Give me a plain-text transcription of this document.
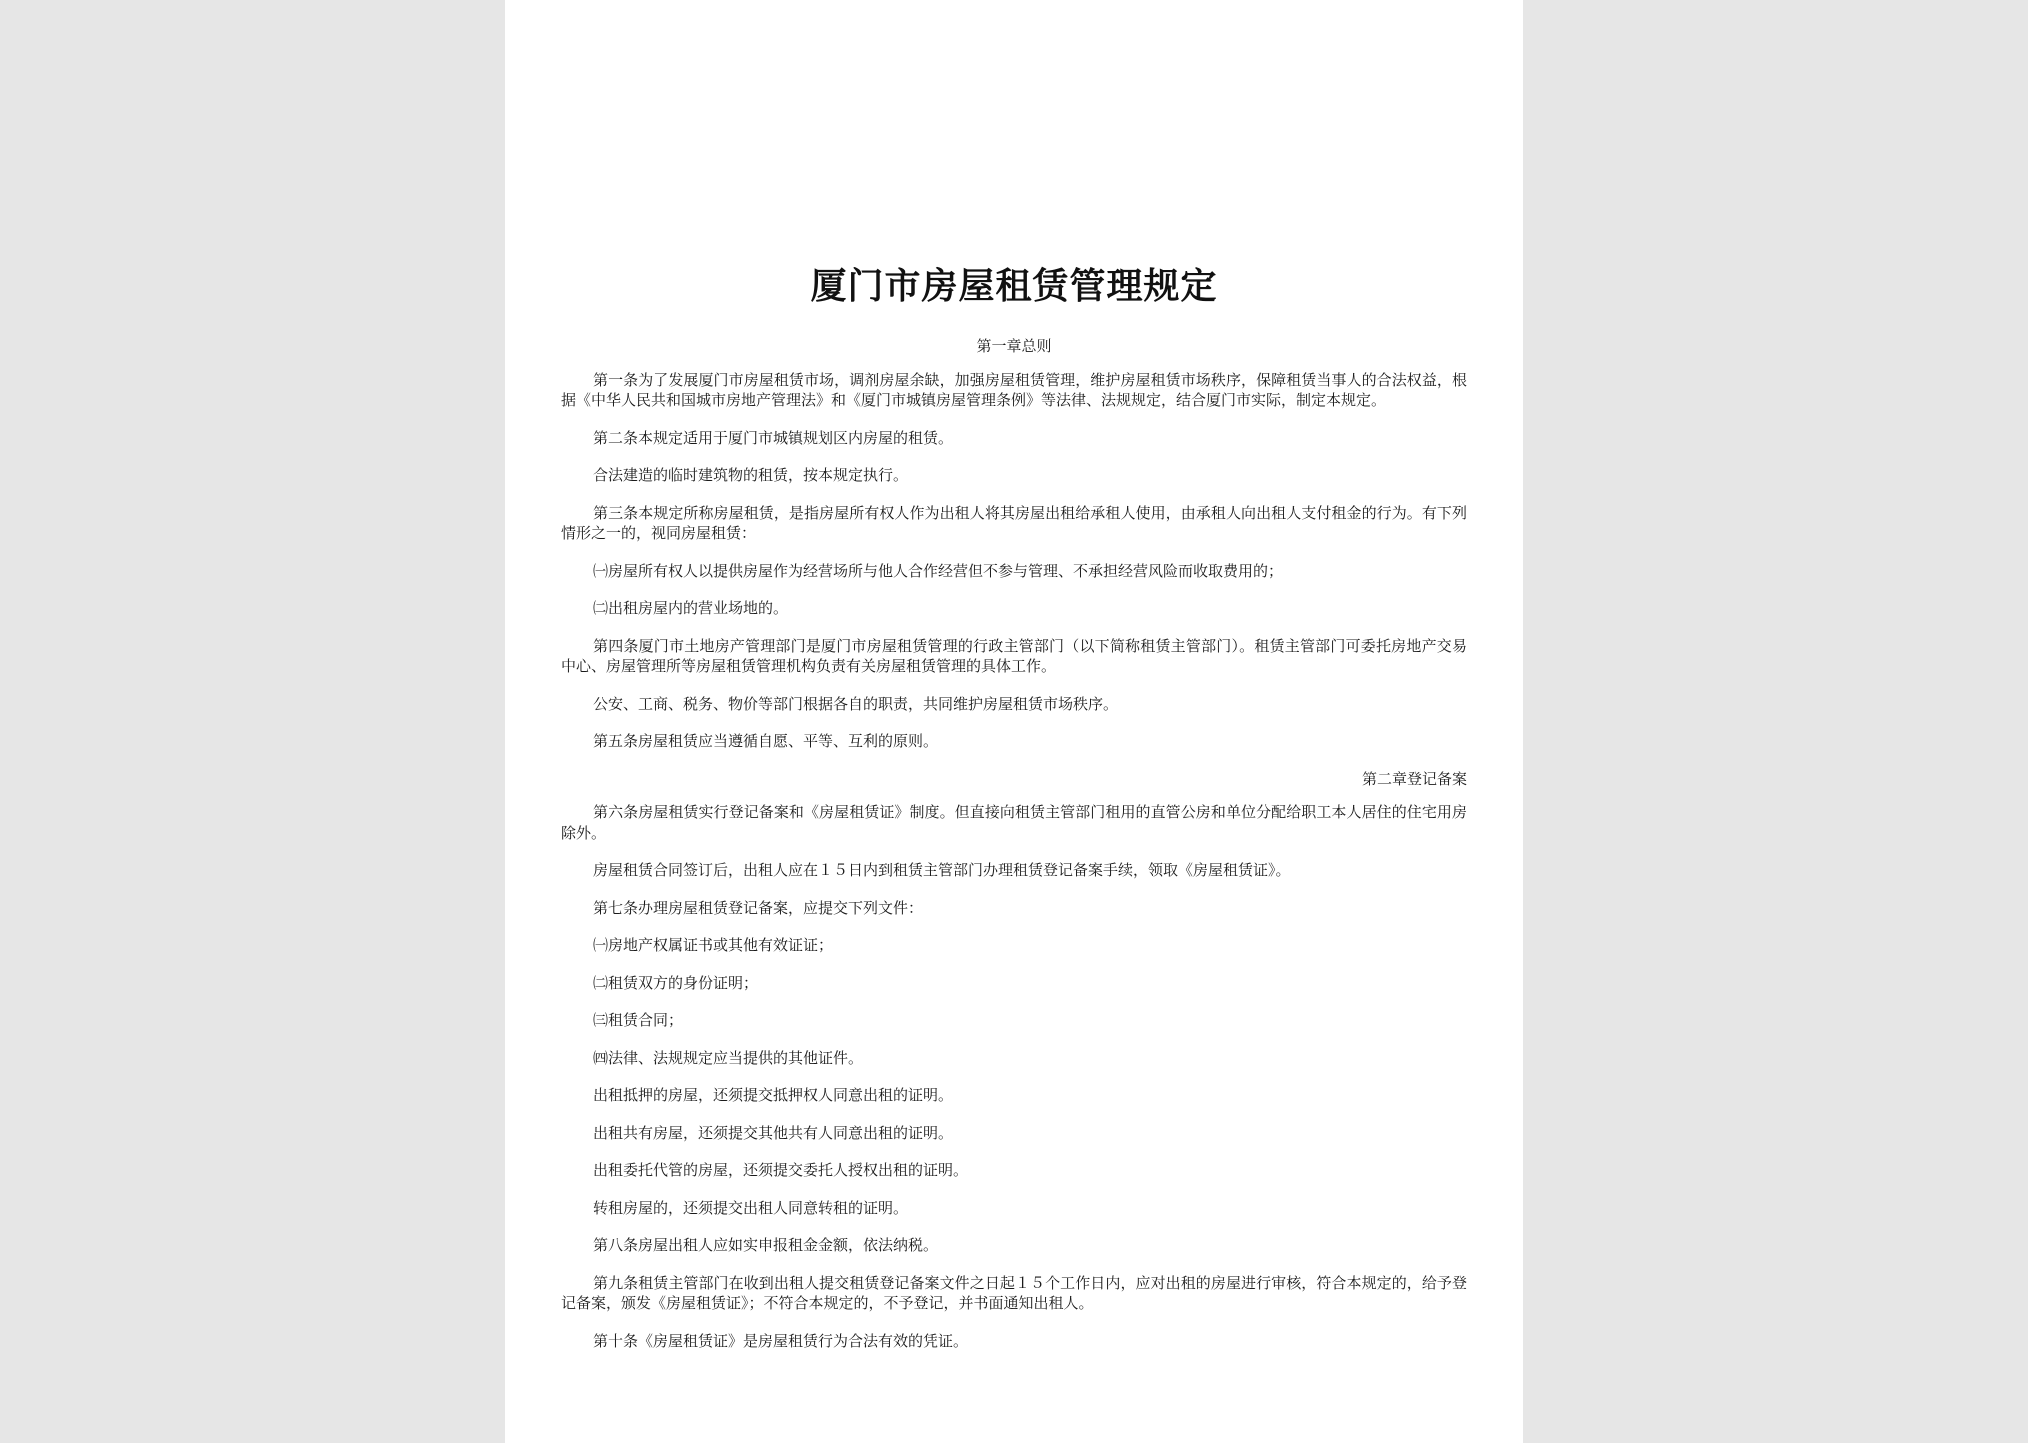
厦门市房屋租赁管理规定

第一章总则

第一条为了发展厦门市房屋租赁市场，调剂房屋余缺，加强房屋租赁管理，维护房屋租赁市场秩序，保障租赁当事人的合法权益，根据《中华人民共和国城市房地产管理法》和《厦门市城镇房屋管理条例》等法律、法规规定，结合厦门市实际，制定本规定。

第二条本规定适用于厦门市城镇规划区内房屋的租赁。

合法建造的临时建筑物的租赁，按本规定执行。

第三条本规定所称房屋租赁，是指房屋所有权人作为出租人将其房屋出租给承租人使用，由承租人向出租人支付租金的行为。有下列情形之一的，视同房屋租赁：

㈠房屋所有权人以提供房屋作为经营场所与他人合作经营但不参与管理、不承担经营风险而收取费用的；

㈡出租房屋内的营业场地的。

第四条厦门市土地房产管理部门是厦门市房屋租赁管理的行政主管部门（以下简称租赁主管部门）。租赁主管部门可委托房地产交易中心、房屋管理所等房屋租赁管理机构负责有关房屋租赁管理的具体工作。

公安、工商、税务、物价等部门根据各自的职责，共同维护房屋租赁市场秩序。

第五条房屋租赁应当遵循自愿、平等、互利的原则。

第二章登记备案

第六条房屋租赁实行登记备案和《房屋租赁证》制度。但直接向租赁主管部门租用的直管公房和单位分配给职工本人居住的住宅用房除外。

房屋租赁合同签订后，出租人应在１５日内到租赁主管部门办理租赁登记备案手续，领取《房屋租赁证》。

第七条办理房屋租赁登记备案，应提交下列文件：

㈠房地产权属证书或其他有效证证；

㈡租赁双方的身份证明；

㈢租赁合同；

㈣法律、法规规定应当提供的其他证件。

出租抵押的房屋，还须提交抵押权人同意出租的证明。

出租共有房屋，还须提交其他共有人同意出租的证明。

出租委托代管的房屋，还须提交委托人授权出租的证明。

转租房屋的，还须提交出租人同意转租的证明。

第八条房屋出租人应如实申报租金金额，依法纳税。

第九条租赁主管部门在收到出租人提交租赁登记备案文件之日起１５个工作日内，应对出租的房屋进行审核，符合本规定的，给予登记备案，颁发《房屋租赁证》；不符合本规定的，不予登记，并书面通知出租人。

第十条《房屋租赁证》是房屋租赁行为合法有效的凭证。
